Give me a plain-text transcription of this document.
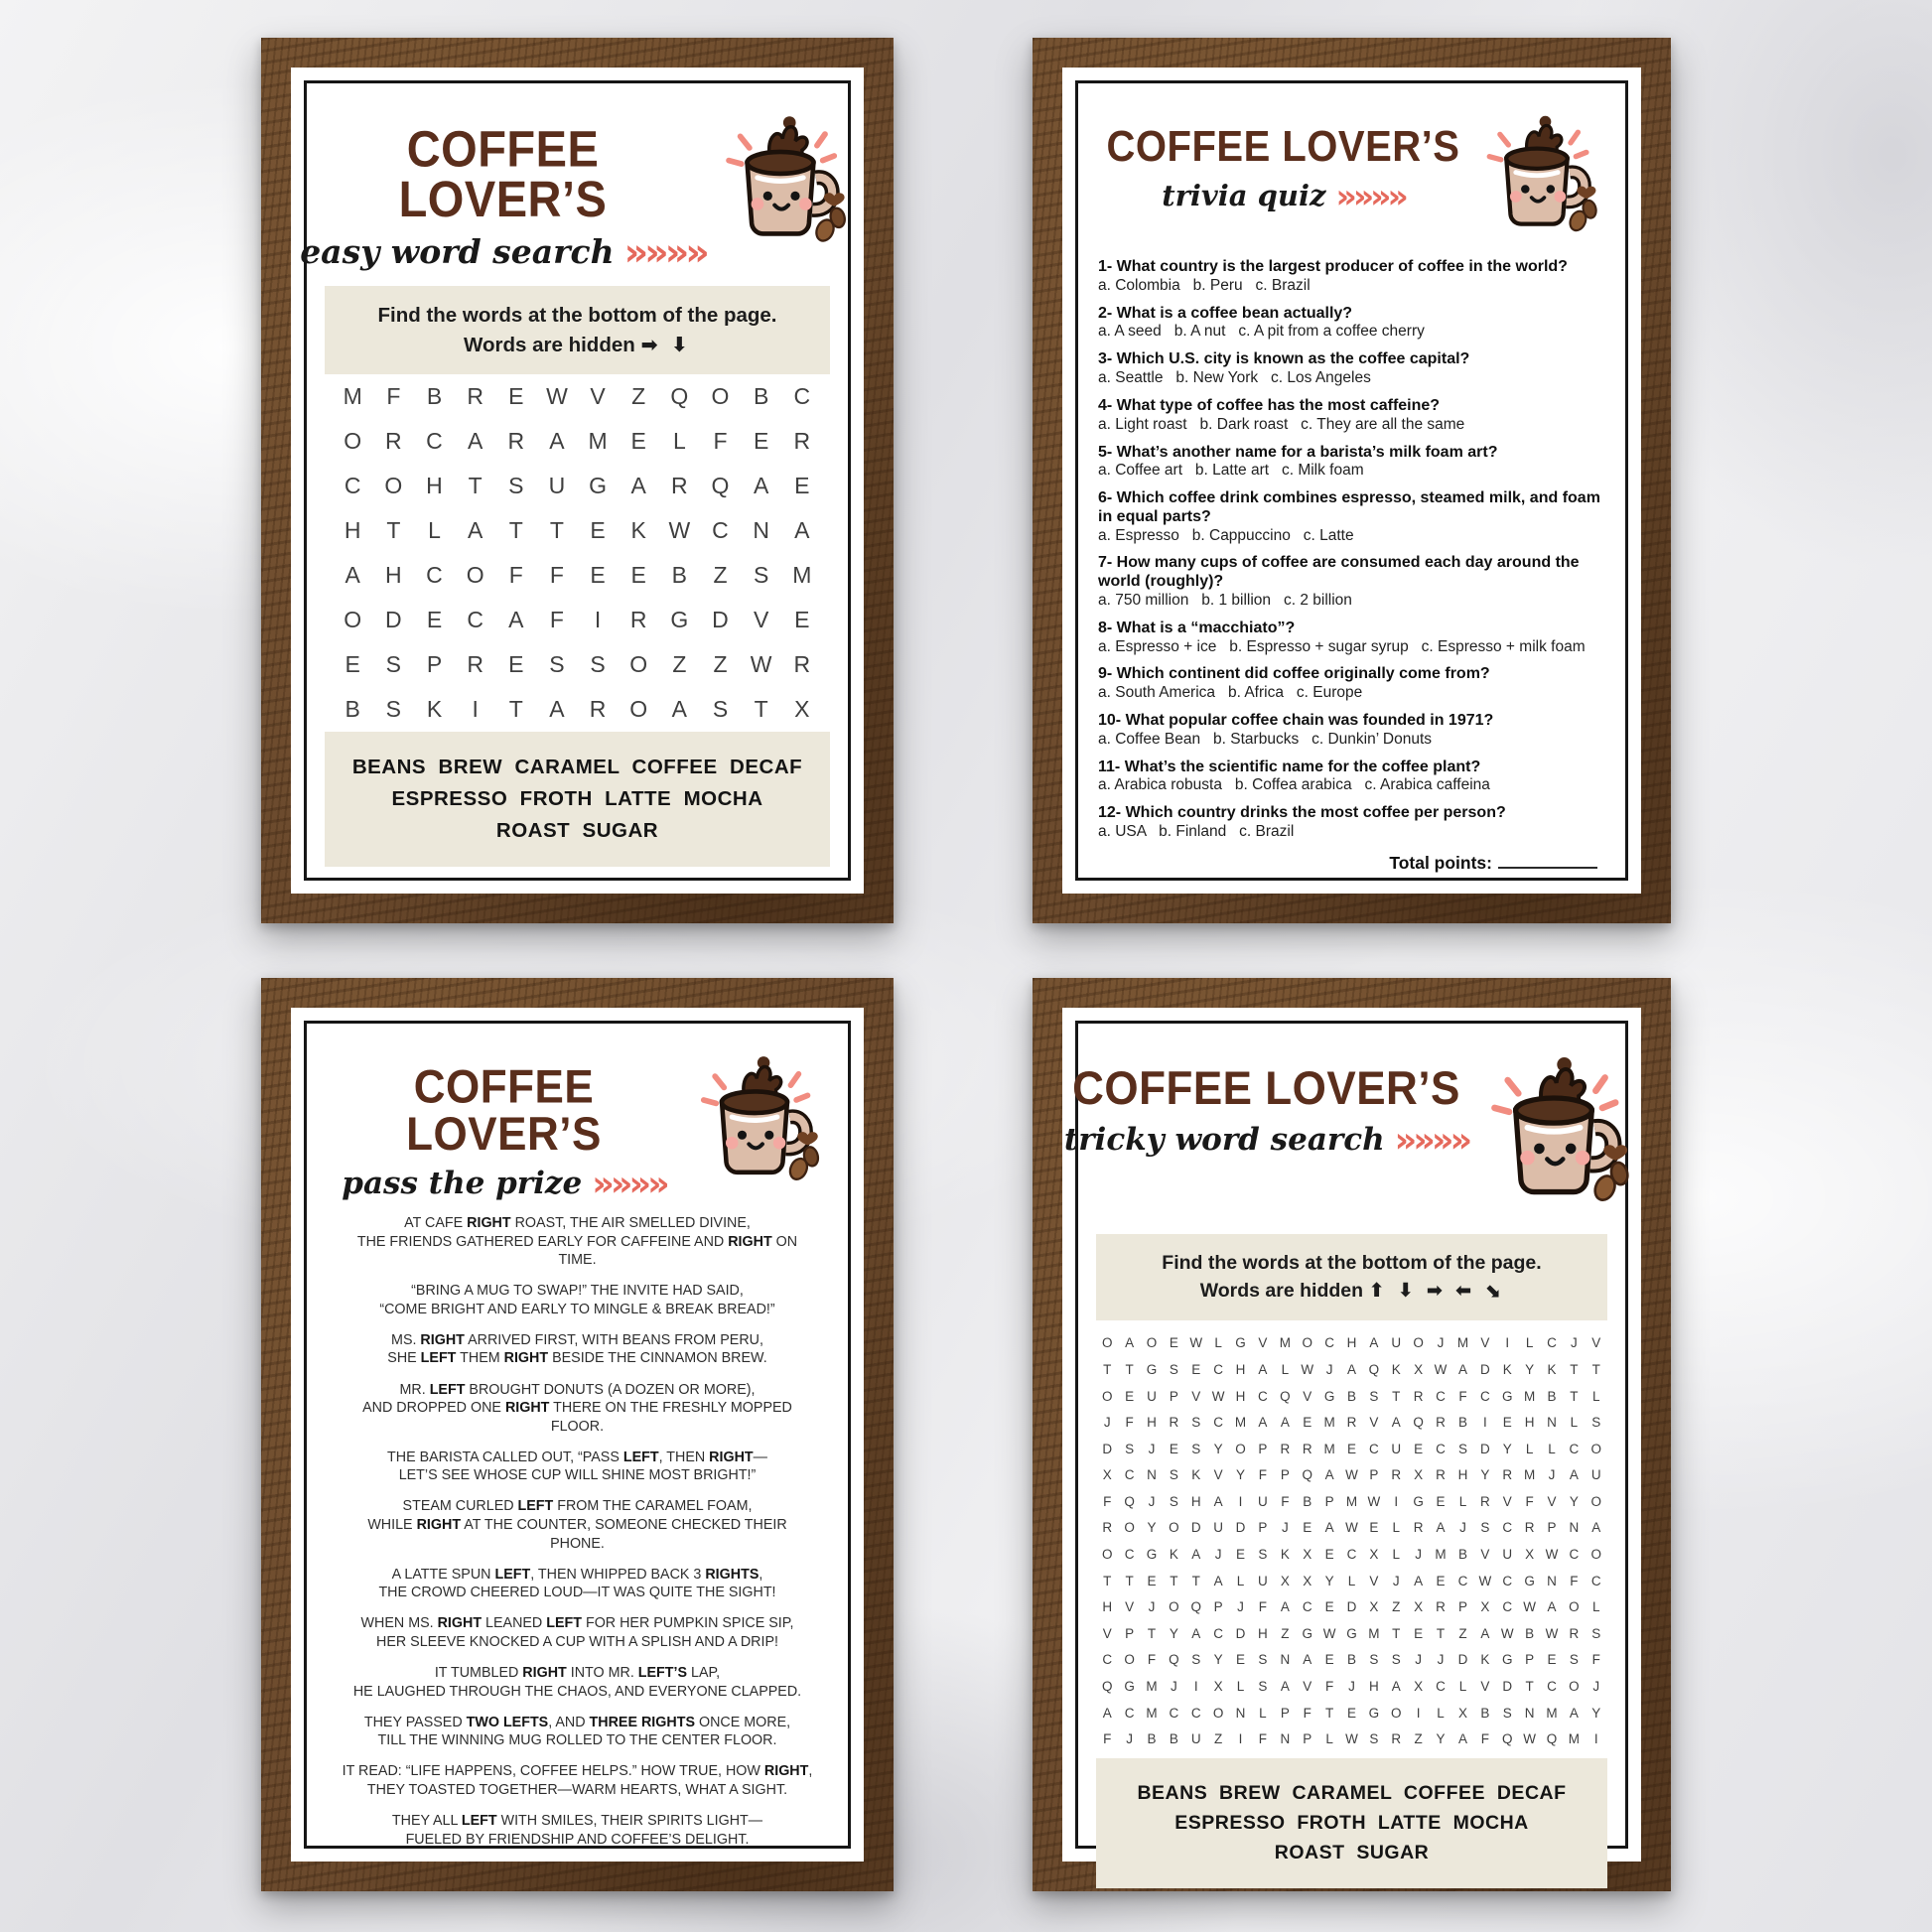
COFFEE LOVER’S
easy word search »»»»
Find the words at the bottom of the page.
Words are hidden ➡ ⬇
M	F	B	R	E W V	Z	Q	O	B	C
O	R	C	A	R	A	M	E	L	F	E	R
C	O	H	T	S	U	G	A	R	Q	A	E
H	T	L	A	T	T	E	K W C	N	A
A	H	C	O	F	F	E	E	B	Z	S	M
O	D	E	C	A	F	I	R	G	D	V	E
E	S	P	R	E	S	S	O	Z	Z	W R
B	S	K	I	T	A	R	O	A	S	T	X
BEANS  BREW  CARAMEL  COFFEE  DECAF
ESPRESSO  FROTH  LATTE  MOCHA
ROAST  SUGAR
COFFEE LOVER’S
trivia quiz »»»»
1- What country is the largest producer of coffee in the world?
a. Colombia   b. Peru   c. Brazil
2- What is a coffee bean actually?
a. A seed   b. A nut   c. A pit from a coffee cherry
3- Which U.S. city is known as the coffee capital?
a. Seattle   b. New York   c. Los Angeles
4- What type of coffee has the most caffeine?
a. Light roast   b. Dark roast   c. They are all the same
5- What’s another name for a barista’s milk foam art?
a. Coffee art   b. Latte art   c. Milk foam
6- Which coffee drink combines espresso, steamed milk, and foam in equal parts?
a. Espresso   b. Cappuccino   c. Latte
7- How many cups of coffee are consumed each day around the world (roughly)?
a. 750 million   b. 1 billion   c. 2 billion
8- What is a “macchiato”?
a. Espresso + ice   b. Espresso + sugar syrup   c. Espresso + milk foam
9- Which continent did coffee originally come from?
a. South America   b. Africa   c. Europe
10- What popular coffee chain was founded in 1971?
a. Coffee Bean   b. Starbucks   c. Dunkin’ Donuts
11- What’s the scientific name for the coffee plant?
a. Arabica robusta   b. Coffea arabica   c. Arabica caffeina
12- Which country drinks the most coffee per person?
a. USA   b. Finland   c. Brazil
Total points:
COFFEE LOVER’S
pass the prize »»»»

AT CAFE RIGHT ROAST, THE AIR SMELLED DIVINE,
THE FRIENDS GATHERED EARLY FOR CAFFEINE AND RIGHT ON
TIME.

“BRING A MUG TO SWAP!” THE INVITE HAD SAID,
“COME BRIGHT AND EARLY TO MINGLE & BREAK BREAD!”

MS. RIGHT ARRIVED FIRST, WITH BEANS FROM PERU,
SHE LEFT THEM RIGHT BESIDE THE CINNAMON BREW.

MR. LEFT BROUGHT DONUTS (A DOZEN OR MORE),
AND DROPPED ONE RIGHT THERE ON THE FRESHLY MOPPED
FLOOR.

THE BARISTA CALLED OUT, “PASS LEFT, THEN RIGHT—
LET’S SEE WHOSE CUP WILL SHINE MOST BRIGHT!”

STEAM CURLED LEFT FROM THE CARAMEL FOAM,
WHILE RIGHT AT THE COUNTER, SOMEONE CHECKED THEIR
PHONE.

A LATTE SPUN LEFT, THEN WHIPPED BACK 3 RIGHTS,
THE CROWD CHEERED LOUD—IT WAS QUITE THE SIGHT!

WHEN MS. RIGHT LEANED LEFT FOR HER PUMPKIN SPICE SIP,
HER SLEEVE KNOCKED A CUP WITH A SPLISH AND A DRIP!

IT TUMBLED RIGHT INTO MR. LEFT’S LAP,
HE LAUGHED THROUGH THE CHAOS, AND EVERYONE CLAPPED.

THEY PASSED TWO LEFTS, AND THREE RIGHTS ONCE MORE,
TILL THE WINNING MUG ROLLED TO THE CENTER FLOOR.

IT READ: “LIFE HAPPENS, COFFEE HELPS.” HOW TRUE, HOW RIGHT,
THEY TOASTED TOGETHER—WARM HEARTS, WHAT A SIGHT.

THEY ALL LEFT WITH SMILES, THEIR SPIRITS LIGHT—
FUELED BY FRIENDSHIP AND COFFEE’S DELIGHT.

COFFEE LOVER’S
tricky word search »»»»
Find the words at the bottom of the page.
Words are hidden ⬆ ⬇ ➡ ⬅ ⬊
O A O E W L G V M O C H A U O	J M V	I	L	C	J	V
T	T G S E C H A	L W J	A Q K X W A D K Y K	T	T
O E U P V W H C Q V G B S	T R C F C G M B	T	L
J	F H R S C M A A E M R V A Q R B	I	E H N	L	S
D S	J	E S Y O P R R M E C U E C S D Y	L	L	C O
X C N S K V Y	F	P Q A W P R X R H Y R M J	A U
F Q	J	S H A	I	U F	B P M W	I	G E	L	R V	F	V Y O
R O Y O D U D P	J	E A W E	L	R A	J	S C R P N A
O C G K A	J	E S K X E C X	L	J M B V U X W C O
T	T	E	T	T	A	L	U X X Y	L	V	J	A E C W C G N F C
H V	J	O Q P	J	F	A C E D X	Z	X R P X C W A O L
V P	T	Y A C D H Z G W G M T	E	T	Z	A W B W R S
C O F Q S Y E S N A E B S S	J	J	D K G P E S	F
Q G M J	I	X	L	S A V	F	J	H A X C	L	V D T C O	J
A C M C C O N	L	P	F	T	E G O	I	L	X B S N M A Y
F	J	B B U Z	I	F N P	L W S R Z	Y A	F Q W Q M	I
BEANS  BREW  CARAMEL  COFFEE  DECAF
ESPRESSO  FROTH  LATTE  MOCHA
ROAST  SUGAR
